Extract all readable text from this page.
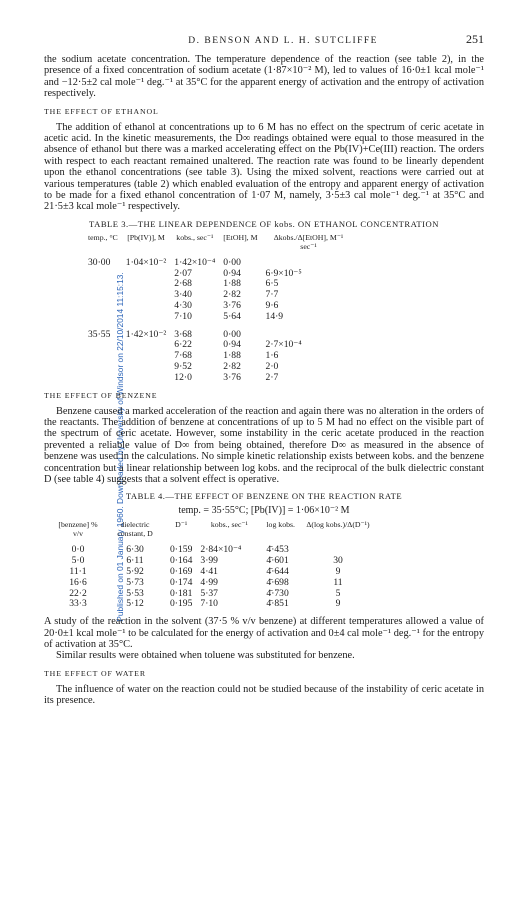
Published on 01 January 1960. Downloaded by University of Windsor on 22/10/2014 11:15:13.
D. BENSON AND L. H. SUTCLIFFE	251

the sodium acetate concentration. The temperature dependence of the reaction (see table 2), in the presence of a fixed concentration of sodium acetate (1·87×10⁻² M), led to values of 16·0±1 kcal mole⁻¹ and −12·5±2 cal mole⁻¹ deg.⁻¹ at 35°C for the apparent energy of activation and the entropy of activation respectively.

THE EFFECT OF ETHANOL

The addition of ethanol at concentrations up to 6 M has no effect on the spectrum of ceric acetate in acetic acid. In the kinetic measurements, the D∞ readings obtained were equal to those measured in the absence of ethanol but there was a marked accelerating effect on the Pb(IV)+Ce(III) reaction. The orders with respect to each reactant remained unaltered. The reaction rate was found to be linearly dependent upon the ethanol concentrations (see table 3). Using the mixed solvent, reactions were carried out at various temperatures (table 2) which enabled evaluation of the entropy and apparent energy of activation to be made for a fixed ethanol concentration of 1·07 M, namely, 3·5±3 cal mole⁻¹ deg.⁻¹ at 35°C and 21·5±3 kcal mole⁻¹ respectively.

TABLE 3.—THE LINEAR DEPENDENCE OF kobs. ON ETHANOL CONCENTRATION
temp., °C	[Pb(IV)], M	kobs., sec⁻¹	[EtOH], M	Δkobs./Δ[EtOH], M⁻¹ sec⁻¹

30·00	1·04×10⁻²	1·42×10⁻⁴	0·00	
		2·07	0·94	6·9×10⁻⁵
		2·68	1·88	6·5
		3·40	2·82	7·7
		4·30	3·76	9·6
		7·10	5·64	14·9

35·55	1·42×10⁻²	3·68	0·00	
		6·22	0·94	2·7×10⁻⁴
		7·68	1·88	1·6
		9·52	2·82	2·0
		12·0	3·76	2·7
THE EFFECT OF BENZENE

Benzene caused a marked acceleration of the reaction and again there was no alteration in the orders of the reactants. The addition of benzene at concentrations of up to 5 M had no effect on the visible part of the spectrum of ceric acetate. However, some instability in the ceric acetate produced in the reaction prevented a reliable value of D∞ from being obtained, therefore D∞ as measured in the absence of benzene was used in the calculations. No simple kinetic relationship exists between kobs. and the benzene concentration but a linear relationship between log kobs. and the reciprocal of the bulk dielectric constant D (see table 4) suggests that a solvent effect is operative.

TABLE 4.—THE EFFECT OF BENZENE ON THE REACTION RATE
temp. = 35·55°C; [Pb(IV)] = 1·06×10⁻² M
[benzene] % v/v	dielectric constant, D	D⁻¹	kobs., sec⁻¹	log kobs.	Δ(log kobs.)/Δ(D⁻¹)

0·0	6·30	0·159	2·84×10⁻⁴	4̄·453	
5·0	6·11	0·164	3·99	4̄·601	30
11·1	5·92	0·169	4·41	4̄·644	9
16·6	5·73	0·174	4·99	4̄·698	11
22·2	5·53	0·181	5·37	4̄·730	5
33·3	5·12	0·195	7·10	4̄·851	9

A study of the reaction in the solvent (37·5 % v/v benzene) at different temperatures allowed a value of 20·0±1 kcal mole⁻¹ to be calculated for the energy of activation and 0±4 cal mole⁻¹ deg.⁻¹ for the entropy of activation at 35°C.

Similar results were obtained when toluene was substituted for benzene.

THE EFFECT OF WATER

The influence of water on the reaction could not be studied because of the instability of ceric acetate in its presence.
